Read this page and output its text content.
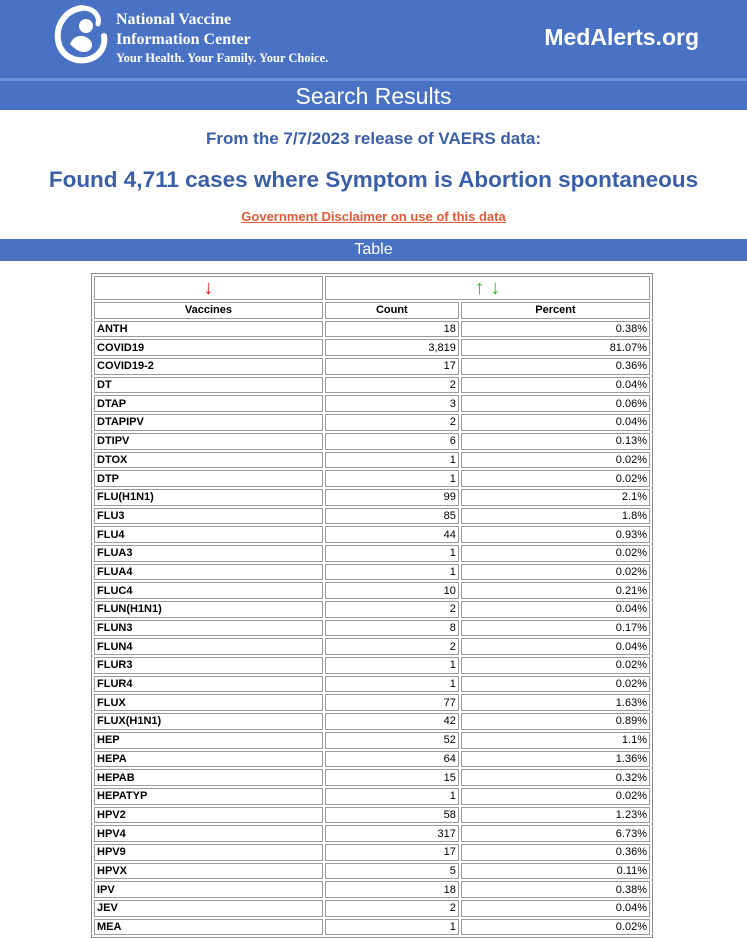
National Vaccine
Information Center
Your Health. Your Family. Your Choice.
MedAlerts.org
Search Results
From the 7/7/2023 release of VAERS data:
Found 4,711 cases where Symptom is Abortion spontaneous
Government Disclaimer on use of this data
Table
↓	↑ ↓	
Vaccines	Count	Percent
ANTH	18	0.38%
COVID19	3,819	81.07%
COVID19-2	17	0.36%
DT	2	0.04%
DTAP	3	0.06%
DTAPIPV	2	0.04%
DTIPV	6	0.13%
DTOX	1	0.02%
DTP	1	0.02%
FLU(H1N1)	99	2.1%
FLU3	85	1.8%
FLU4	44	0.93%
FLUA3	1	0.02%
FLUA4	1	0.02%
FLUC4	10	0.21%
FLUN(H1N1)	2	0.04%
FLUN3	8	0.17%
FLUN4	2	0.04%
FLUR3	1	0.02%
FLUR4	1	0.02%
FLUX	77	1.63%
FLUX(H1N1)	42	0.89%
HEP	52	1.1%
HEPA	64	1.36%
HEPAB	15	0.32%
HEPATYP	1	0.02%
HPV2	58	1.23%
HPV4	317	6.73%
HPV9	17	0.36%
HPVX	5	0.11%
IPV	18	0.38%
JEV	2	0.04%
MEA	1	0.02%
